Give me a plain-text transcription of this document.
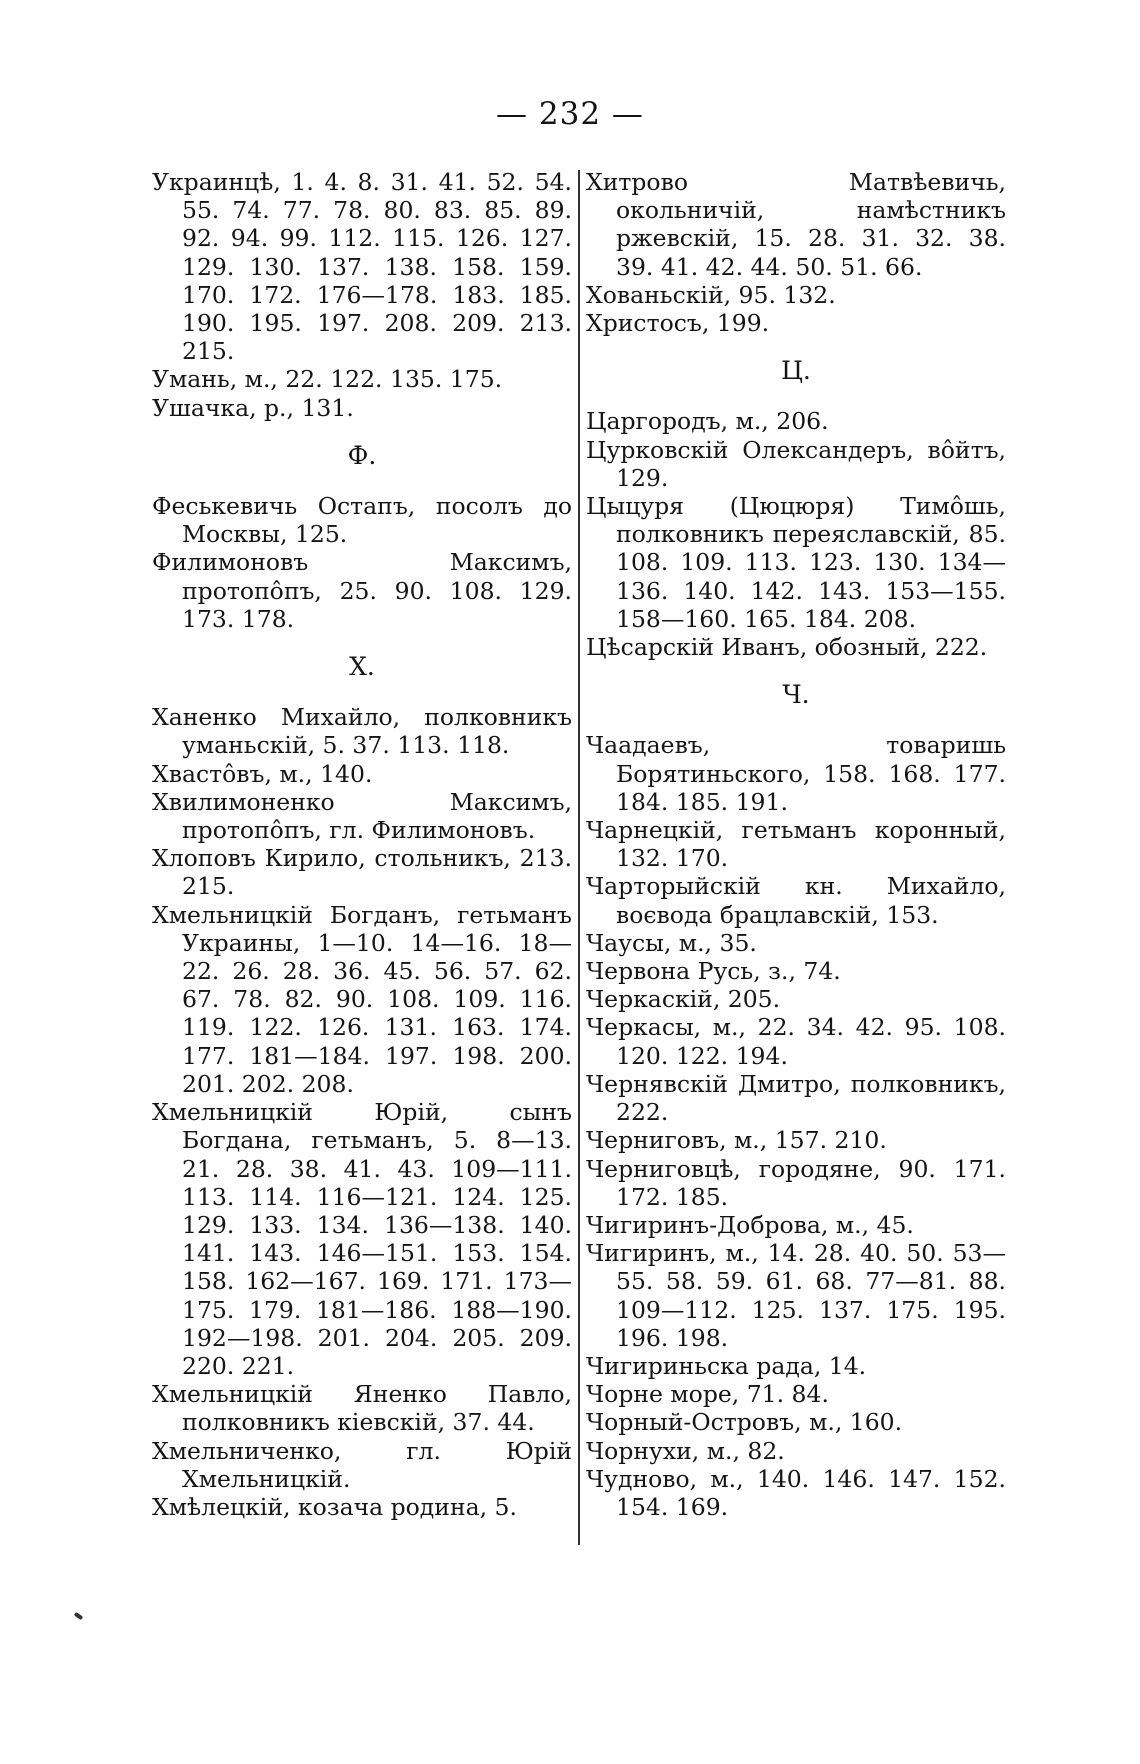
— 232 —

Украинцѣ, 1. 4. 8. 31. 41. 52. 54. 55. 74. 77. 78. 80. 83. 85. 89. 92. 94. 99. 112. 115. 126. 127. 129. 130. 137. 138. 158. 159. 170. 172. 176—178. 183. 185. 190. 195. 197. 208. 209. 213. 215.

Умань, м., 22. 122. 135. 175.

Ушачка, р., 131.

Ф.

Феськевичь Остапъ, посолъ до Москвы, 125.

Филимоновъ Максимъ, протопôпъ, 25. 90. 108. 129. 173. 178.

Х.

Ханенко Михайло, полковникъ уманьскій, 5. 37. 113. 118.

Хвастôвъ, м., 140.

Хвилимоненко Максимъ, протопôпъ, гл. Филимоновъ.

Хлоповъ Кирило, стольникъ, 213. 215.

Хмельницкій Богданъ, гетьманъ Украины, 1—10. 14—16. 18—22. 26. 28. 36. 45. 56. 57. 62. 67. 78. 82. 90. 108. 109. 116. 119. 122. 126. 131. 163. 174. 177. 181—184. 197. 198. 200. 201. 202. 208.

Хмельницкій Юрій, сынъ Богдана, гетьманъ, 5. 8—13. 21. 28. 38. 41. 43. 109—111. 113. 114. 116—121. 124. 125. 129. 133. 134. 136—138. 140. 141. 143. 146—151. 153. 154. 158. 162—167. 169. 171. 173—175. 179. 181—186. 188—190. 192—198. 201. 204. 205. 209. 220. 221.

Хмельницкій Яненко Павло, полковникъ кіевскій, 37. 44.

Хмельниченко, гл. Юрій Хмельницкій.

Хмѣлецкій, козача родина, 5.

Хитрово Матвѣевичь, окольничій, намѣстникъ ржевскій, 15. 28. 31. 32. 38. 39. 41. 42. 44. 50. 51. 66.

Хованьскій, 95. 132.

Христосъ, 199.

Ц.

Царгородъ, м., 206.

Цурковскій Олександеръ, вôйтъ, 129.

Цыцуря (Цюцюря) Тимôшь, полковникъ переяславскій, 85. 108. 109. 113. 123. 130. 134—136. 140. 142. 143. 153—155. 158—160. 165. 184. 208.

Цѣсарскій Иванъ, обозный, 222.

Ч.

Чаадаевъ, товаришь Борятиньского, 158. 168. 177. 184. 185. 191.

Чарнецкій, гетьманъ коронный, 132. 170.

Чарторыйскій кн. Михайло, воєвода брацлавскій, 153.

Чаусы, м., 35.

Червона Русь, з., 74.

Черкаскій, 205.

Черкасы, м., 22. 34. 42. 95. 108. 120. 122. 194.

Чернявскій Дмитро, полковникъ, 222.

Черниговъ, м., 157. 210.

Черниговцѣ, городяне, 90. 171. 172. 185.

Чигиринъ-Доброва, м., 45.

Чигиринъ, м., 14. 28. 40. 50. 53—55. 58. 59. 61. 68. 77—81. 88. 109—112. 125. 137. 175. 195. 196. 198.

Чигириньска рада, 14.

Чорне море, 71. 84.

Чорный-Островъ, м., 160.

Чорнухи, м., 82.

Чудново, м., 140. 146. 147. 152. 154. 169.
